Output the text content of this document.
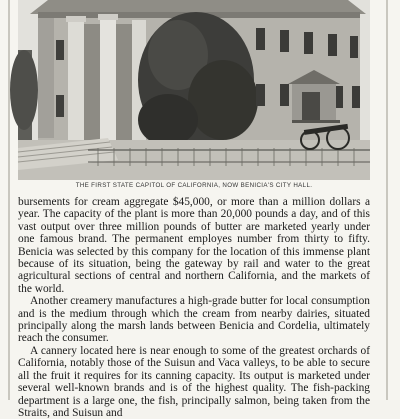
THE FIRST STATE CAPITOL OF CALIFORNIA, NOW BENICIA'S CITY HALL.

bursements for cream aggregate $45,000, or more than a million dollars a year. The capacity of the plant is more than 20,000 pounds a day, and of this vast output over three million pounds of butter are marketed yearly under one famous brand. The permanent employes number from thirty to fifty. Benicia was selected by this company for the location of this immense plant because of its situation, being the gateway by rail and water to the great agricultural sections of central and northern California, and the markets of the world.

Another creamery manufactures a high-grade butter for local consumption and is the medium through which the cream from nearby dairies, situated principally along the marsh lands between Benicia and Cordelia, ultimately reach the consumer.

A cannery located here is near enough to some of the greatest orchards of California, notably those of the Suisun and Vaca valleys, to be able to secure all the fruit it requires for its canning capacity. Its output is marketed under several well-known brands and is of the highest quality. The fish-packing department is a large one, the fish, principally salmon, being taken from the Straits, and Suisun and
